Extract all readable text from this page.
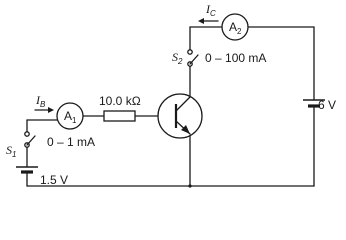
$S_1$
$S_2$
1.5 V
6 V
$A_1$
0 – 1 mA
$A_2$
0 – 100 mA
10.0 kΩ
$I_B$
$I_C$
